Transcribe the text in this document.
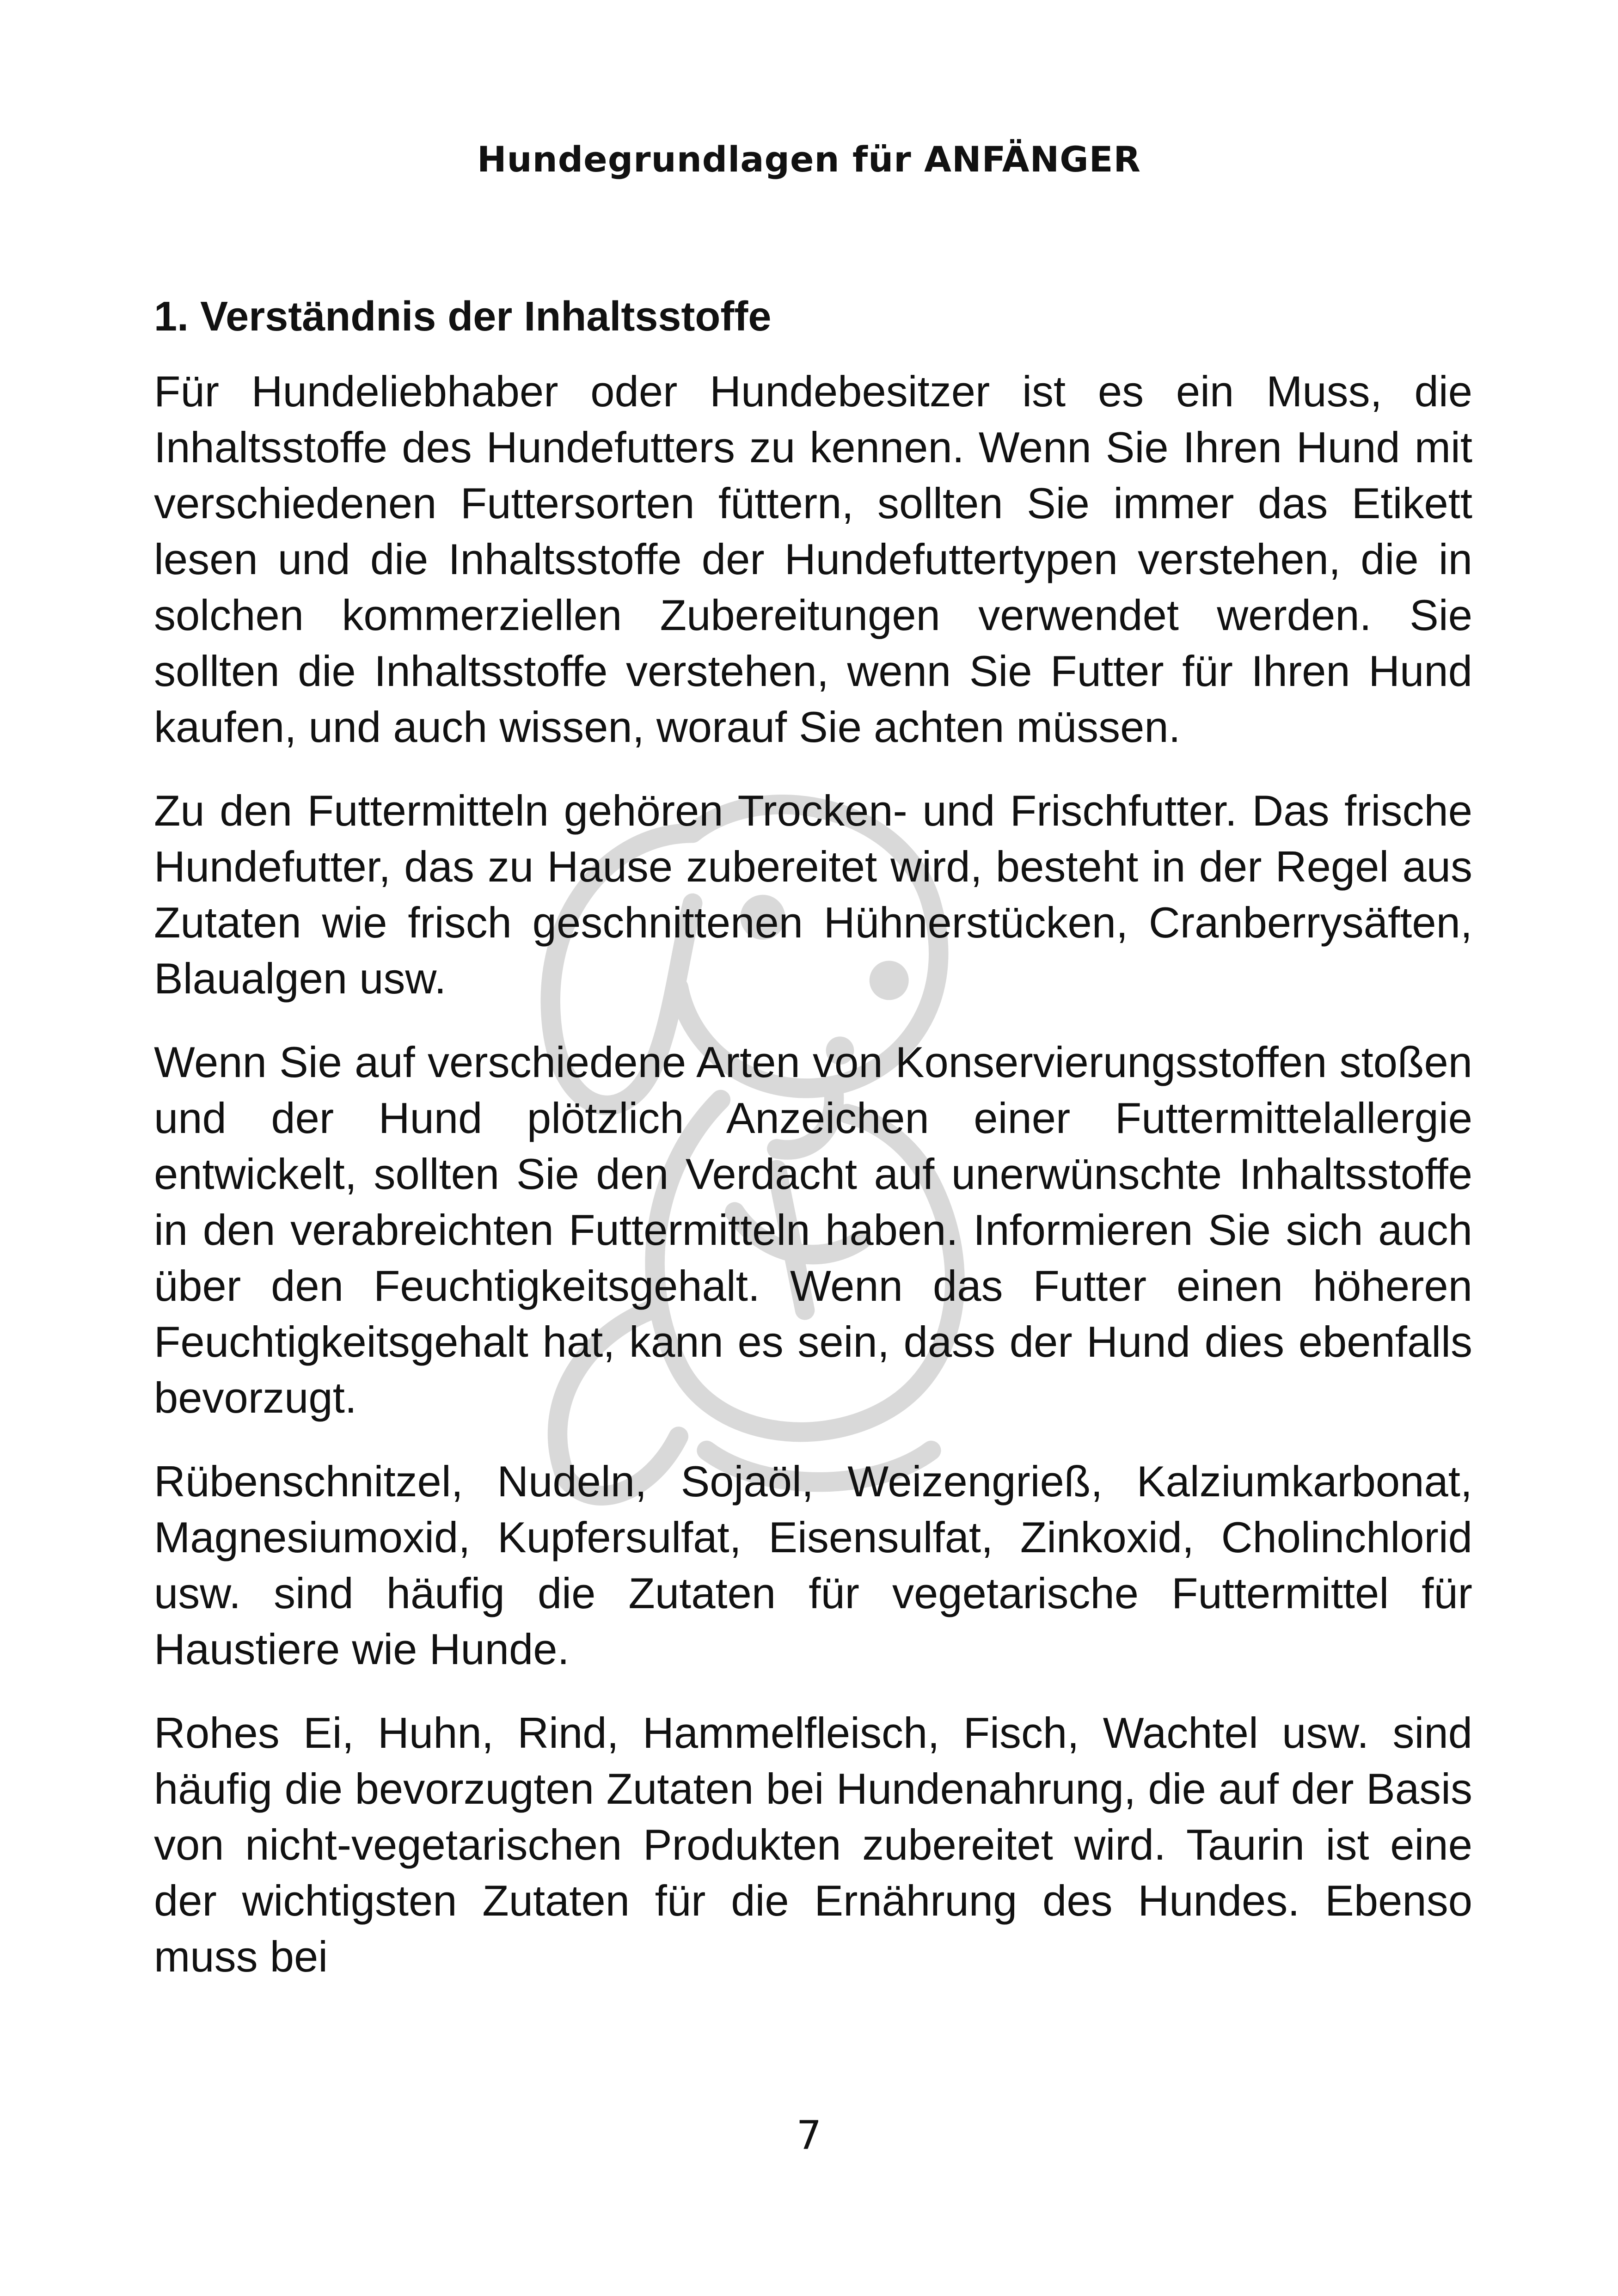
Hundegrundlagen für ANFÄNGER
1. Verständnis der Inhaltsstoffe

Für Hundeliebhaber oder Hundebesitzer ist es ein Muss, die Inhaltsstoffe des Hundefutters zu kennen. Wenn Sie Ihren Hund mit verschiedenen Futtersorten füttern, sollten Sie immer das Etikett lesen und die Inhaltsstoffe der Hundefuttertypen verstehen, die in solchen kommerziellen Zubereitungen verwendet werden. Sie sollten die Inhaltsstoffe verstehen, wenn Sie Futter für Ihren Hund kaufen, und auch wissen, worauf Sie achten müssen.

Zu den Futtermitteln gehören Trocken- und Frischfutter. Das frische Hundefutter, das zu Hause zubereitet wird, besteht in der Regel aus Zutaten wie frisch geschnittenen Hühnerstücken, Cranberrysäften, Blaualgen usw.

Wenn Sie auf verschiedene Arten von Konservierungsstoffen stoßen und der Hund plötzlich Anzeichen einer Futtermittelallergie entwickelt, sollten Sie den Verdacht auf unerwünschte Inhaltsstoffe in den verabreichten Futtermitteln haben. Informieren Sie sich auch über den Feuchtigkeitsgehalt. Wenn das Futter einen höheren Feuchtigkeitsgehalt hat, kann es sein, dass der Hund dies ebenfalls bevorzugt.

Rübenschnitzel, Nudeln, Sojaöl, Weizengrieß, Kalziumkarbonat, Magnesiumoxid, Kupfersulfat, Eisensulfat, Zinkoxid, Cholinchlorid usw. sind häufig die Zutaten für vegetarische Futtermittel für Haustiere wie Hunde.

Rohes Ei, Huhn, Rind, Hammelfleisch, Fisch, Wachtel usw. sind häufig die bevorzugten Zutaten bei Hundenahrung, die auf der Basis von nicht-vegetarischen Produkten zubereitet wird. Taurin ist eine der wichtigsten Zutaten für die Ernährung des Hundes. Ebenso muss bei

7
